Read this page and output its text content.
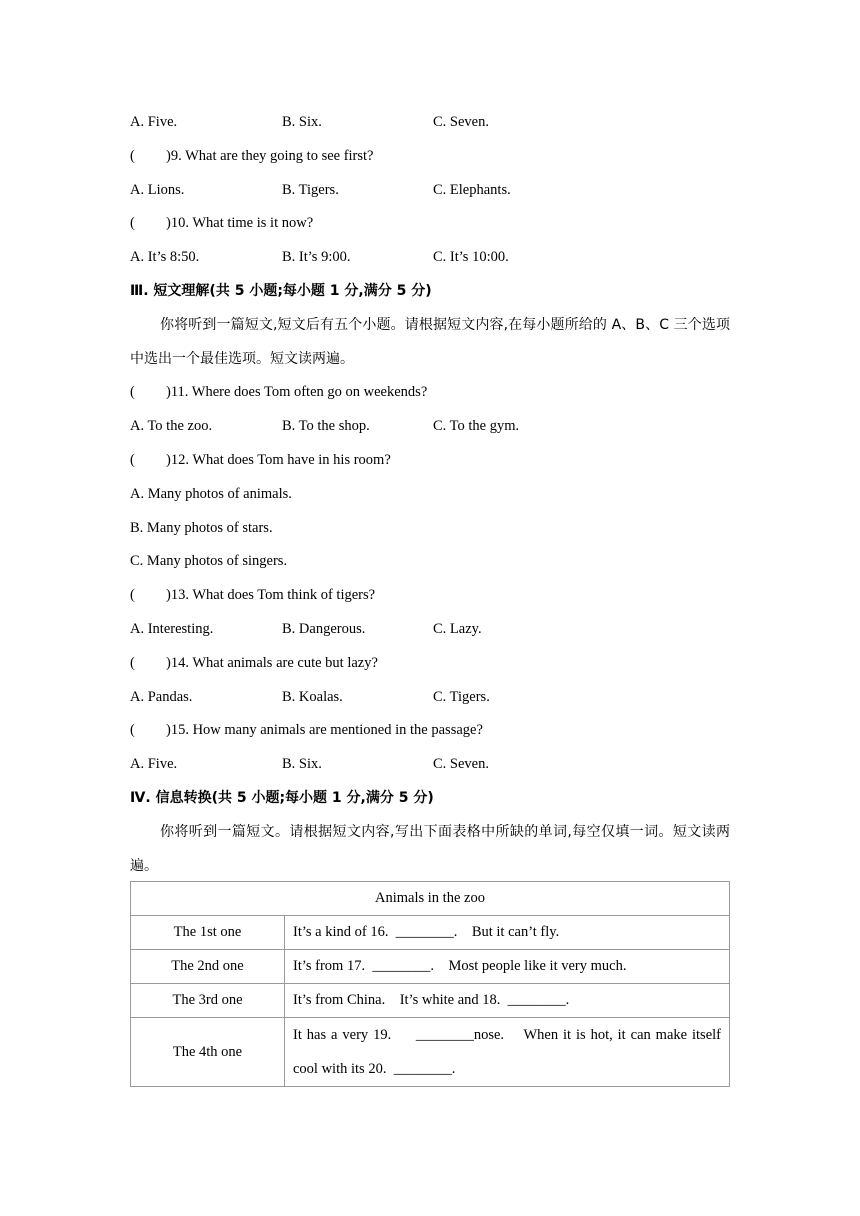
A. Five.	B. Six.	C. Seven.
( )9. What are they going to see first?
A. Lions.	B. Tigers.	C. Elephants.
( )10. What time is it now?
A. It’s 8:50.	B. It’s 9:00.	C. It’s 10:00.
Ⅲ. 短文理解(共 5 小题;每小题 1 分,满分 5 分)
你将听到一篇短文,短文后有五个小题。请根据短文内容,在每小题所给的 A、B、C 三个选项中选出一个最佳选项。短文读两遍。
( )11. Where does Tom often go on weekends?
A. To the zoo.	B. To the shop.	C. To the gym.
( )12. What does Tom have in his room?
A. Many photos of animals.
B. Many photos of stars.
C. Many photos of singers.
( )13. What does Tom think of tigers?
A. Interesting.	B. Dangerous.	C. Lazy.
( )14. What animals are cute but lazy?
A. Pandas.	B. Koalas.	C. Tigers.
( )15. How many animals are mentioned in the passage?
A. Five.	B. Six.	C. Seven.
Ⅳ. 信息转换(共 5 小题;每小题 1 分,满分 5 分)
你将听到一篇短文。请根据短文内容,写出下面表格中所缺的单词,每空仅填一词。短文读两遍。
Animals in the zoo	
The 1st one	It’s a kind of 16.  ________.    But it can’t fly.
The 2nd one	It’s from 17.  ________.    Most people like it very much.
The 3rd one	It’s from China.    It’s white and 18.  ________.
The 4th one	It has a very 19.     ________nose.    When it is hot, it can make itself cool with its 20.  ________.
